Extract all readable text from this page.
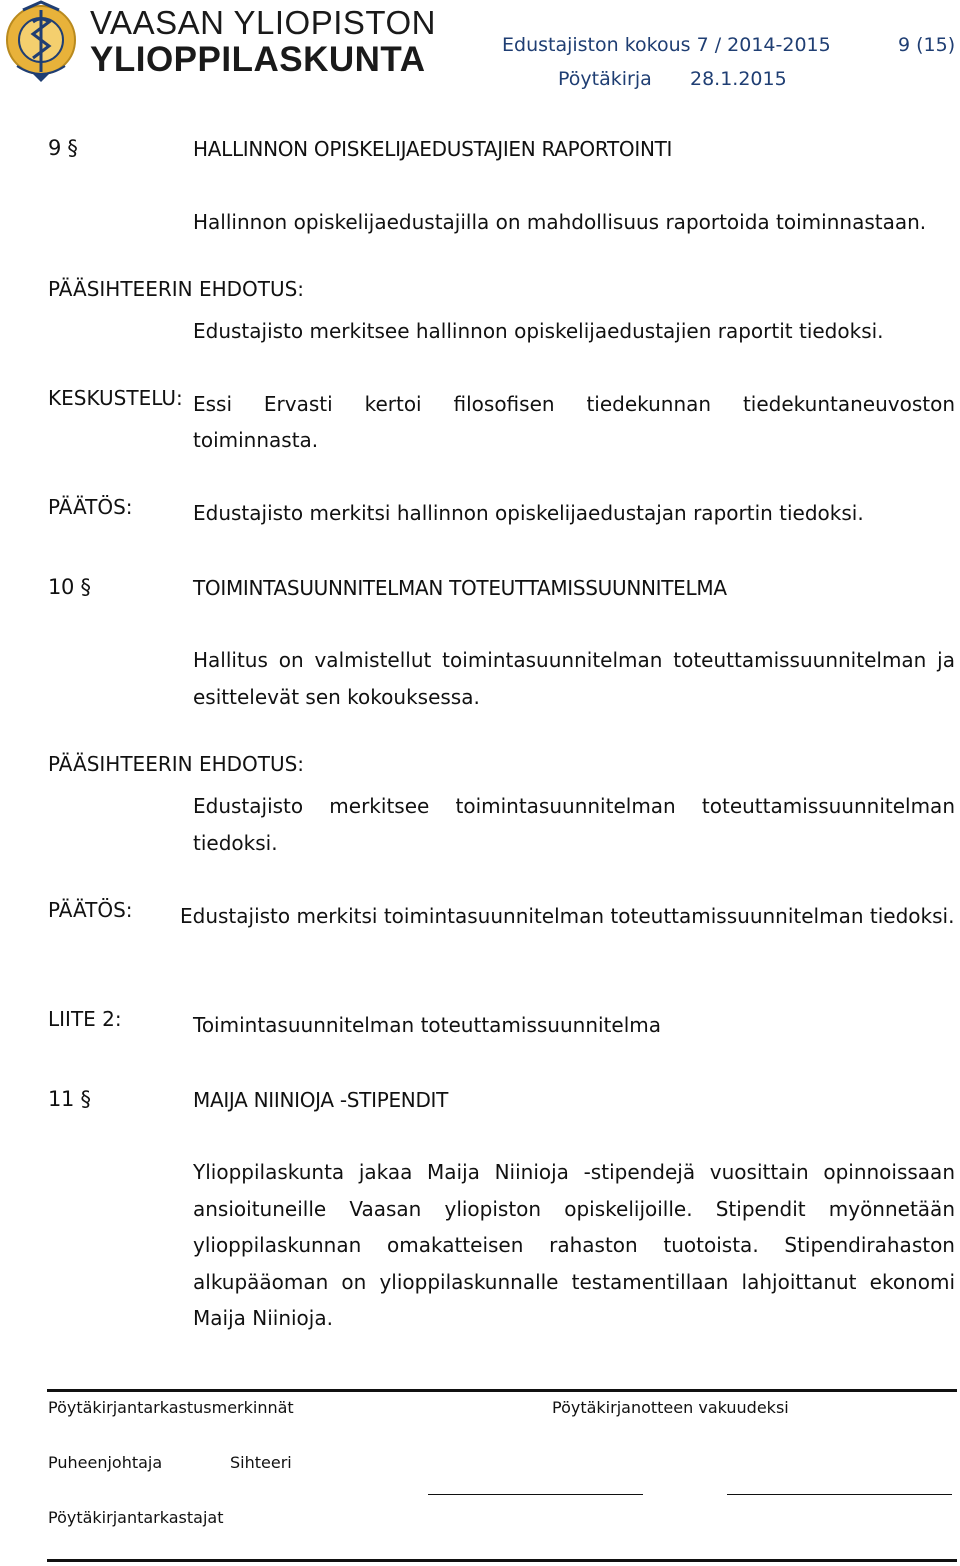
VAASAN YLIOPISTON
YLIOPPILASKUNTA	Edustajiston kokous 7 / 2014-2015	9 (15)
Pöytäkirja 28.1.2015
9 §	HALLINNON OPISKELIJAEDUSTAJIEN RAPORTOINTI
Hallinnon opiskelijaedustajilla on mahdollisuus raportoida toiminnastaan.
PÄÄSIHTEERIN EHDOTUS:
Edustajisto merkitsee hallinnon opiskelijaedustajien raportit tiedoksi.
KESKUSTELU: Essi Ervasti kertoi filosofisen tiedekunnan tiedekuntaneuvoston
toiminnasta.
PÄÄTÖS:	Edustajisto merkitsi hallinnon opiskelijaedustajan raportin tiedoksi.
10 §	TOIMINTASUUNNITELMAN TOTEUTTAMISSUUNNITELMA
Hallitus on valmistellut toimintasuunnitelman toteuttamissuunnitelman ja esittelevät sen kokouksessa.
PÄÄSIHTEERIN EHDOTUS:
Edustajisto merkitsee toimintasuunnitelman toteuttamissuunnitelman tiedoksi.
PÄÄTÖS: Edustajisto merkitsi toimintasuunnitelman toteuttamissuunnitelman tiedoksi.
LIITE 2:	Toimintasuunnitelman toteuttamissuunnitelma
11 §	MAIJA NIINIOJA -STIPENDIT
Ylioppilaskunta jakaa Maija Niinioja -stipendejä vuosittain opinnoissaan ansioituneille Vaasan yliopiston opiskelijoille. Stipendit myönnetään ylioppilaskunnan omakatteisen rahaston tuotoista. Stipendirahaston alkupääoman on ylioppilaskunnalle testamentillaan lahjoittanut ekonomi Maija Niinioja.
Pöytäkirjantarkastusmerkinnät	Pöytäkirjanotteen vakuudeksi
Puheenjohtaja	Sihteeri
Pöytäkirjantarkastajat
